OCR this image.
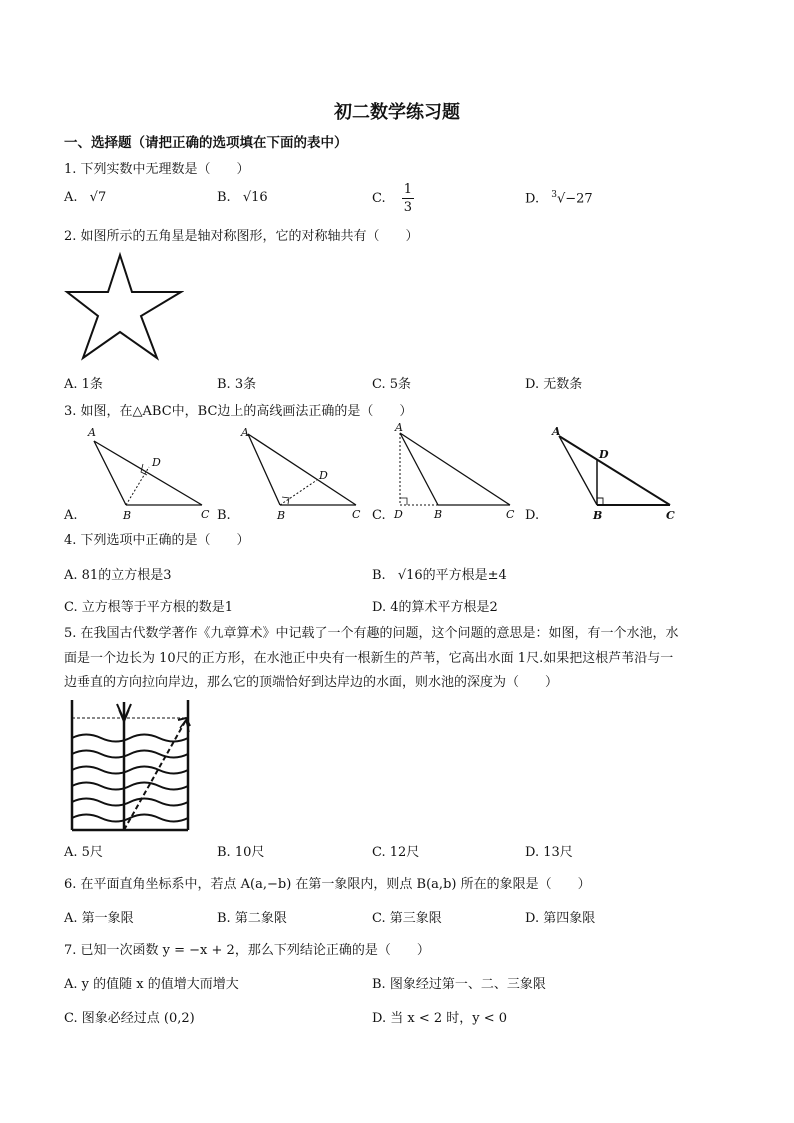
初二数学练习题
一、选择题（请把正确的选项填在下面的表中）
1. 下列实数中无理数是（　　）
A. √7	B. √16	C. $\frac{1}{3}$	D. $^3$√−27
2. 如图所示的五角星是轴对称图形，它的对称轴共有（　　）
A. 1条	B. 3条	C. 5条	D. 无数条
3. 如图，在△ABC中，BC边上的高线画法正确的是（　　）
A
D
B	C
A
D
B	C
A
D	B	C
A
D
B	C
A.	B.	C.	D.
4. 下列选项中正确的是（　　）
A. 81的立方根是3	B. √16的平方根是±4
C. 立方根等于平方根的数是1	D. 4的算术平方根是2
5. 在我国古代数学著作《九章算术》中记载了一个有趣的问题，这个问题的意思是：如图，有一个水池，水
面是一个边长为 10尺的正方形，在水池正中央有一根新生的芦苇，它高出水面 1尺.如果把这根芦苇沿与一
边垂直的方向拉向岸边，那么它的顶端恰好到达岸边的水面，则水池的深度为（　　）
A. 5尺	B. 10尺	C. 12尺	D. 13尺
6. 在平面直角坐标系中，若点 A(a,−b) 在第一象限内，则点 B(a,b) 所在的象限是（　　）
A. 第一象限	B. 第二象限	C. 第三象限	D. 第四象限
7. 已知一次函数 y = −x + 2，那么下列结论正确的是（　　）
A. y 的值随 x 的值增大而增大	B. 图象经过第一、二、三象限
C. 图象必经过点 (0,2)	D. 当 x < 2 时，y < 0
